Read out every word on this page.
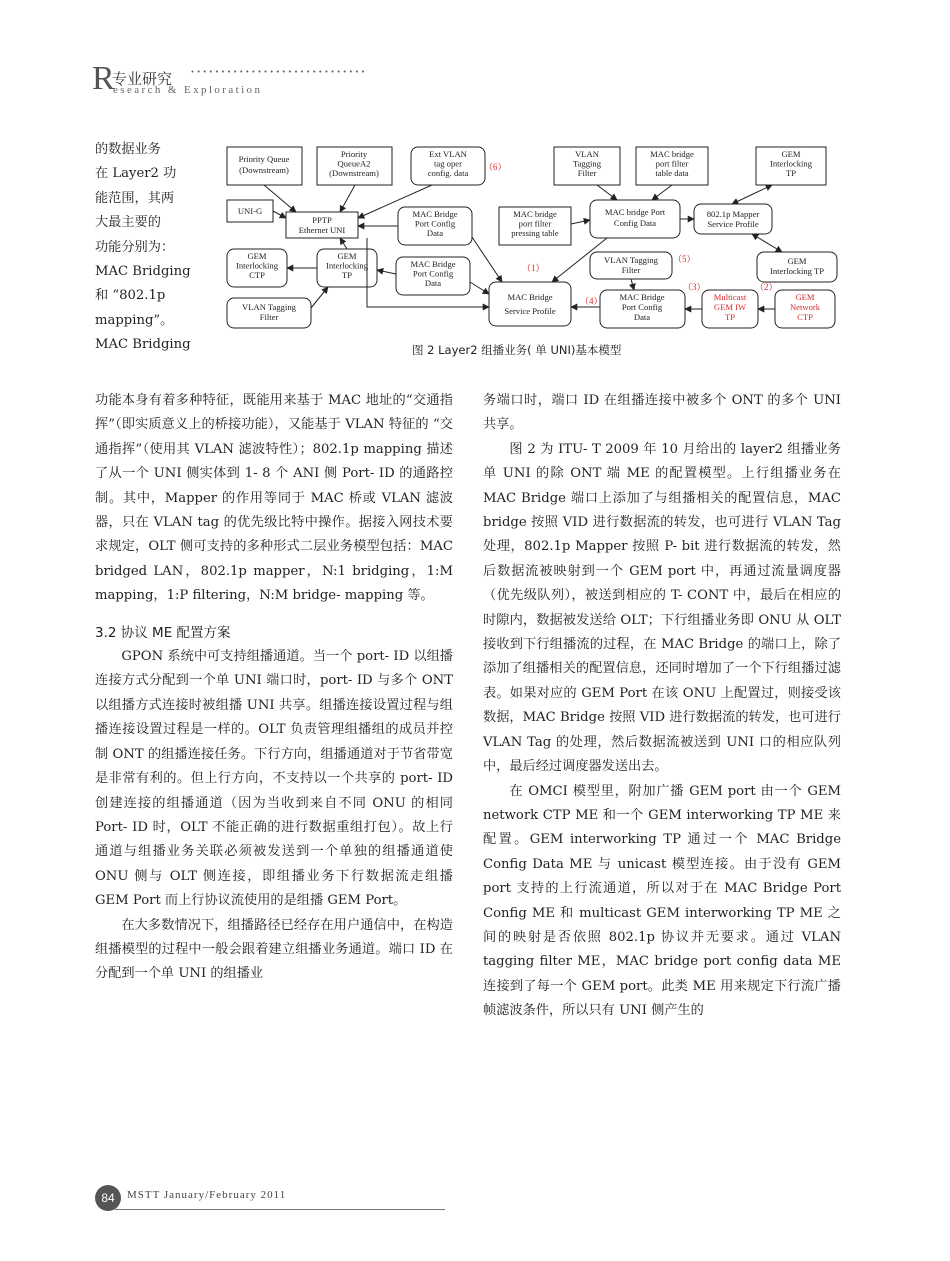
R
专业研究 ·····························
esearch & Exploration

的数据业务

在 Layer2 功

能范围，其两

大最主要的

功能分别为：

MAC Bridging

和 “802.1p

mapping”。

MAC Bridging

Priority Queue (Downstream)
Priority QueueA2 (Downstream)
Ext VLAN tag oper config. data
VLAN Tagging Filter
MAC bridge port filter table data
GEM Interlocking TP
UNI-G
PPTP Ethernet UNI
MAC Bridge Port Config Data
MAC bridge port filter pressing table
MAC bridge Port Config Data
802.1p Mapper Service Profile
GEM Interlocking CTP
GEM Interlocking TP
MAC Bridge Port Config Data
VLAN Tagging Filter
GEM Interlocking TP
VLAN Tagging Filter
MAC Bridge Service Profile
MAC Bridge Port Config Data
Multicast GEM IW TP
GEM Network CTP
（1）
（2）
（3）
（4）
（5）
（6）
图 2 Layer2 组播业务( 单 UNI)基本模型

功能本身有着多种特征，既能用来基于 MAC 地址的“交通指挥”（即实质意义上的桥接功能），又能基于 VLAN 特征的 “交通指挥”（使用其 VLAN 滤波特性）；802.1p mapping 描述了从一个 UNI 侧实体到 1- 8 个 ANI 侧 Port- ID 的通路控制。其中，Mapper 的作用等同于 MAC 桥或 VLAN 滤波器，只在 VLAN tag 的优先级比特中操作。据接入网技术要求规定，OLT 侧可支持的多种形式二层业务模型包括：MAC bridged LAN，802.1p mapper，N:1 bridging，1:M mapping，1:P filtering，N:M bridge- mapping 等。

3.2 协议 ME 配置方案

GPON 系统中可支持组播通道。当一个 port- ID 以组播连接方式分配到一个单 UNI 端口时，port- ID 与多个 ONT 以组播方式连接时被组播 UNI 共享。组播连接设置过程与组播连接设置过程是一样的。OLT 负责管理组播组的成员并控制 ONT 的组播连接任务。下行方向，组播通道对于节省带宽是非常有利的。但上行方向，不支持以一个共享的 port- ID 创建连接的组播通道（因为当收到来自不同 ONU 的相同 Port- ID 时，OLT 不能正确的进行数据重组打包）。故上行通道与组播业务关联必须被发送到一个单独的组播通道使 ONU 侧与 OLT 侧连接，即组播业务下行数据流走组播 GEM Port 而上行协议流使用的是组播 GEM Port。

在大多数情况下，组播路径已经存在用户通信中，在构造组播模型的过程中一般会跟着建立组播业务通道。端口 ID 在分配到一个单 UNI 的组播业

务端口时，端口 ID 在组播连接中被多个 ONT 的多个 UNI 共享。

图 2 为 ITU- T 2009 年 10 月给出的 layer2 组播业务单 UNI 的除 ONT 端 ME 的配置模型。上行组播业务在 MAC Bridge 端口上添加了与组播相关的配置信息，MAC bridge 按照 VID 进行数据流的转发，也可进行 VLAN Tag 处理，802.1p Mapper 按照 P- bit 进行数据流的转发，然后数据流被映射到一个 GEM port 中，再通过流量调度器（优先级队列），被送到相应的 T- CONT 中，最后在相应的时隙内，数据被发送给 OLT；下行组播业务即 ONU 从 OLT 接收到下行组播流的过程，在 MAC Bridge 的端口上，除了添加了组播相关的配置信息，还同时增加了一个下行组播过滤表。如果对应的 GEM Port 在该 ONU 上配置过，则接受该数据，MAC Bridge 按照 VID 进行数据流的转发，也可进行 VLAN Tag 的处理，然后数据流被送到 UNI 口的相应队列中，最后经过调度器发送出去。

在 OMCI 模型里，附加广播 GEM port 由一个 GEM network CTP ME 和一个 GEM interworking TP ME 来配置。GEM interworking TP 通过一个 MAC Bridge Config Data ME 与 unicast 模型连接。由于没有 GEM port 支持的上行流通道，所以对于在 MAC Bridge Port Config ME 和 multicast GEM interworking TP ME 之间的映射是否依照 802.1p 协议并无要求。通过 VLAN tagging filter ME，MAC bridge port config data ME 连接到了每一个 GEM port。此类 ME 用来规定下行流广播帧滤波条件，所以只有 UNI 侧产生的

84	MSTT January/February 2011
